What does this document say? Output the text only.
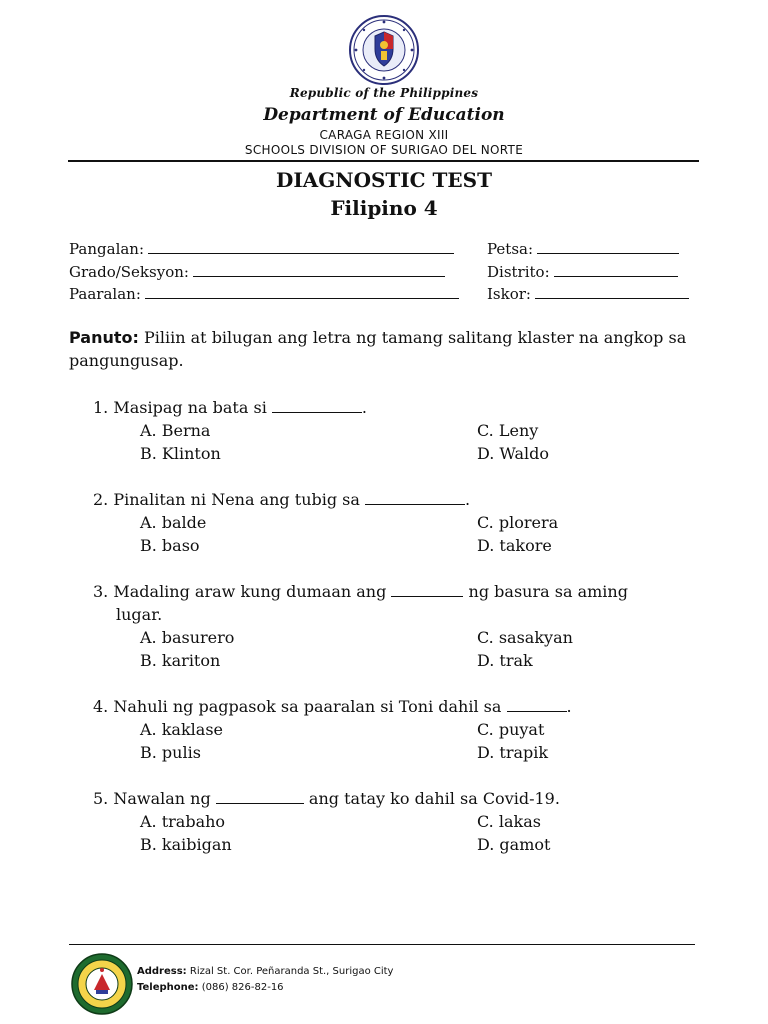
Republic of the Philippines
Department of Education
CARAGA REGION XIII
SCHOOLS DIVISION OF SURIGAO DEL NORTE
DIAGNOSTIC TEST
Filipino 4
Pangalan:	Petsa:
Grado/Seksyon:	Distrito:
Paaralan:	Iskor:
Panuto: Piliin at bilugan ang letra ng tamang salitang klaster na angkop sa pangungusap.
1. Masipag na bata si	.
A. Berna	C. Leny
B. Klinton	D. Waldo
2. Pinalitan ni Nena ang tubig sa	.
A. balde	C. plorera
B. baso	D. takore
3. Madaling araw kung dumaan ang	ng basura sa aming
lugar.
A. basurero	C. sasakyan
B. kariton	D. trak
4. Nahuli ng pagpasok sa paaralan si Toni dahil sa	.
A. kaklase	C. puyat
B. pulis	D. trapik
5. Nawalan ng	ang tatay ko dahil sa Covid-19.
A. trabaho	C. lakas
B. kaibigan	D. gamot
Address: Rizal St. Cor. Peñaranda St., Surigao City
Telephone: (086) 826-82-16
